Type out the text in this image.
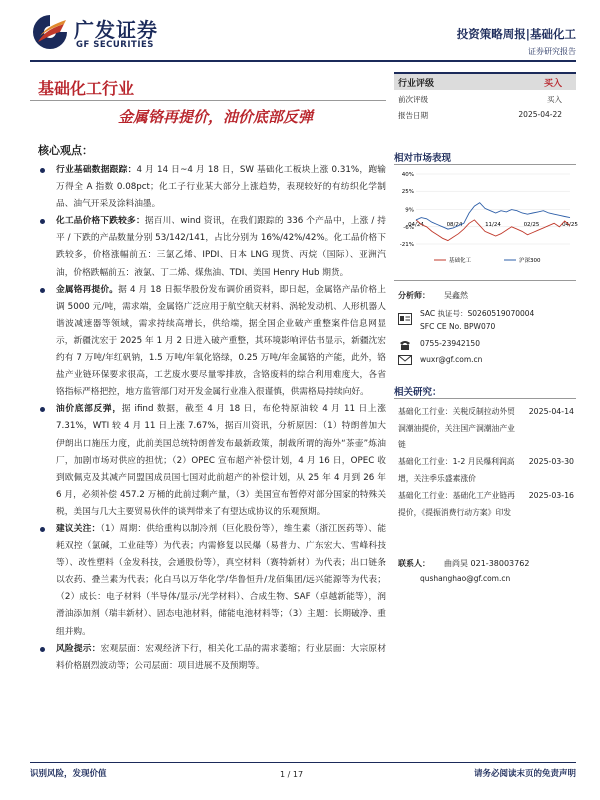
广发证券
GF SECURITIES
投资策略周报|基础化工
证券研究报告
基础化工行业
金属铬再提价，油价底部反弹
行业评级	买入
前次评级	买入
报告日期	2025-04-22
核心观点：
行业基础数据跟踪：4 月 14 日~4 月 18 日，SW 基础化工板块上涨 0.31%，跑输万得全 A 指数 0.08pct；化工子行业某大部分上涨趋势，表现较好的有纺织化学制品、油气开采及涂料油墨。
化工品价格下跌较多：据百川、wind 资讯，在我们跟踪的 336 个产品中，上涨 / 持平 / 下跌的产品数量分别 53/142/141，占比分别为 16%/42%/42%。化工品价格下跌较多，价格涨幅前五：三氯乙烯、IPDI、日本 LNG 现货、丙烷（国际）、亚洲汽油，价格跌幅前五：液氯、丁二烯、煤焦油、TDI、美国 Henry Hub 期货。
金属铬再提价。据 4 月 18 日振华股份发布调价函资料，即日起，金属铬产品价格上调 5000 元/吨，需求端，金属铬广泛应用于航空航天材料、涡轮发动机、人形机器人谐波减速器等领域，需求持续高增长，供给端，据全国企业破产重整案件信息网显示，新疆沈宏于 2025 年 1 月 2 日进入破产重整，其环境影响评估书显示，新疆沈宏约有 7 万吨/年红矾钠，1.5 万吨/年氧化铬绿，0.25 万吨/年金属铬的产能，此外，铬盐产业链环保要求很高，工艺废水要尽量零排放，含铬废料的综合利用难度大，各省铬指标严格把控，地方监管部门对开发金属行业准入很谨慎，供需格局持续向好。
油价底部反弹，据 ifind 数据，截至 4 月 18 日，布伦特原油较 4 月 11 日上涨 7.31%，WTI 较 4 月 11 日上涨 7.67%，据百川资讯，分析原因：（1）特朗普加大伊朗出口施压力度，此前美国总统特朗普发布最新政策，制裁所谓的海外“茶壶”炼油厂，加剧市场对供应的担忧；（2）OPEC 宣布超产补偿计划，4 月 16 日，OPEC 收到欧佩克及其减产同盟国成员国七国对此前超产的补偿计划，从 25 年 4 月到 26 年 6 月，必须补偿 457.2 万桶的此前过剩产量，（3）美国宣布暂停对部分国家的特殊关税，美国与几大主要贸易伙伴的谈判带来了有望达成协议的乐观预期。
建议关注：（1）周期：供给重构以制冷剂（巨化股份等），维生素（浙江医药等）、能耗双控（氯碱，工业硅等）为代表；内需修复以民爆（易普力、广东宏大、雪峰科技等）、改性塑料（金发科技，会通股份等），真空材料（赛特新材）为代表；出口链条以农药、叠兰素为代表；化白马以万华化学/华鲁恒升/龙佰集团/远兴能源等为代表；（2）成长：电子材料（半导体/显示/光学材料）、合成生物、SAF（卓越新能等），润滑油添加剂（瑞丰新材）、固态电池材料，储能电池材料等；（3）主题：长期破净、重组并购。
风险提示：宏观层面：宏观经济下行，相关化工品的需求萎缩；行业层面：大宗原材料价格剧烈波动等；公司层面：项目进展不及预期等。
相对市场表现
40%
25%
9%
-6%
-21%
04/24	08/24	11/24	02/25	04/25
基础化工	沪深300
分析师： 吴鑫然
SAC 执证号：S0260519070004
SFC CE No. BPW070
0755-23942150
wuxr@gf.com.cn
相关研究：
基础化工行业：关税反制拉动外贸洞潮油提价，关注国产洞潮油产业链
2025-04-14
基础化工行业：1-2 月民爆利润高增，关注季乐盛素涨价
2025-03-30
基础化工行业：基础化工产业链再提价，《提振消费行动方案》印发
2025-03-16
联系人： 曲尚昊 021-38003762
qushanghao@gf.com.cn
识别风险，发现价值	1 / 17	请务必阅读末页的免责声明
